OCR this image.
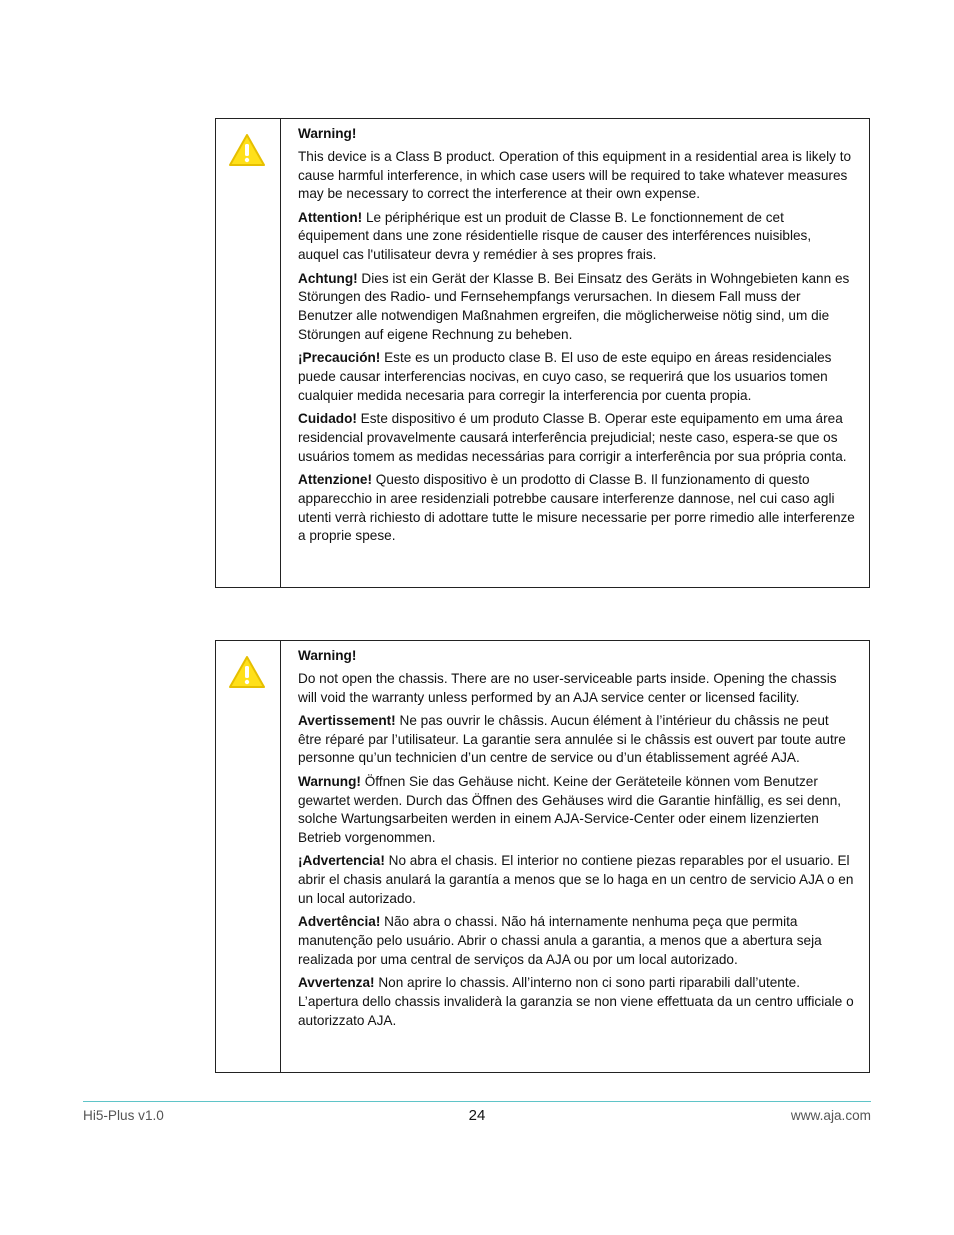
Warning!

This device is a Class B product. Operation of this equipment in a residential area is likely to cause harmful interference, in which case users will be required to take whatever measures may be necessary to correct the interference at their own expense.

Attention! Le périphérique est un produit de Classe B. Le fonctionnement de cet équipement dans une zone résidentielle risque de causer des interférences nuisibles, auquel cas l'utilisateur devra y remédier à ses propres frais.

Achtung! Dies ist ein Gerät der Klasse B. Bei Einsatz des Geräts in Wohngebieten kann es Störungen des Radio- und Fernsehempfangs verursachen. In diesem Fall muss der Benutzer alle notwendigen Maßnahmen ergreifen, die möglicherweise nötig sind, um die Störungen auf eigene Rechnung zu beheben.

¡Precaución! Este es un producto clase B. El uso de este equipo en áreas residenciales puede causar interferencias nocivas, en cuyo caso, se requerirá que los usuarios tomen cualquier medida necesaria para corregir la interferencia por cuenta propia.

Cuidado! Este dispositivo é um produto Classe B. Operar este equipamento em uma área residencial provavelmente causará interferência prejudicial; neste caso, espera-se que os usuários tomem as medidas necessárias para corrigir a interferência por sua própria conta.

Attenzione! Questo dispositivo è un prodotto di Classe B. Il funzionamento di questo apparecchio in aree residenziali potrebbe causare interferenze dannose, nel cui caso agli utenti verrà richiesto di adottare tutte le misure necessarie per porre rimedio alle interferenze a proprie spese.

Warning!

Do not open the chassis. There are no user-serviceable parts inside. Opening the chassis will void the warranty unless performed by an AJA service center or licensed facility.

Avertissement! Ne pas ouvrir le châssis. Aucun élément à l’intérieur du châssis ne peut être réparé par l’utilisateur. La garantie sera annulée si le châssis est ouvert par toute autre personne qu’un technicien d’un centre de service ou d’un établissement agréé AJA.

Warnung! Öffnen Sie das Gehäuse nicht. Keine der Geräteteile können vom Benutzer gewartet werden. Durch das Öffnen des Gehäuses wird die Garantie hinfällig, es sei denn, solche Wartungsarbeiten werden in einem AJA-Service-Center oder einem lizenzierten Betrieb vorgenommen.

¡Advertencia! No abra el chasis. El interior no contiene piezas reparables por el usuario. El abrir el chasis anulará la garantía a menos que se lo haga en un centro de servicio AJA o en un local autorizado.

Advertência! Não abra o chassi. Não há internamente nenhuma peça que permita manutenção pelo usuário. Abrir o chassi anula a garantia, a menos que a abertura seja realizada por uma central de serviços da AJA ou por um local autorizado.

Avvertenza! Non aprire lo chassis. All’interno non ci sono parti riparabili dall’utente. L’apertura dello chassis invaliderà la garanzia se non viene effettuata da un centro ufficiale o autorizzato AJA.

Hi5-Plus v1.0	24	www.aja.com
